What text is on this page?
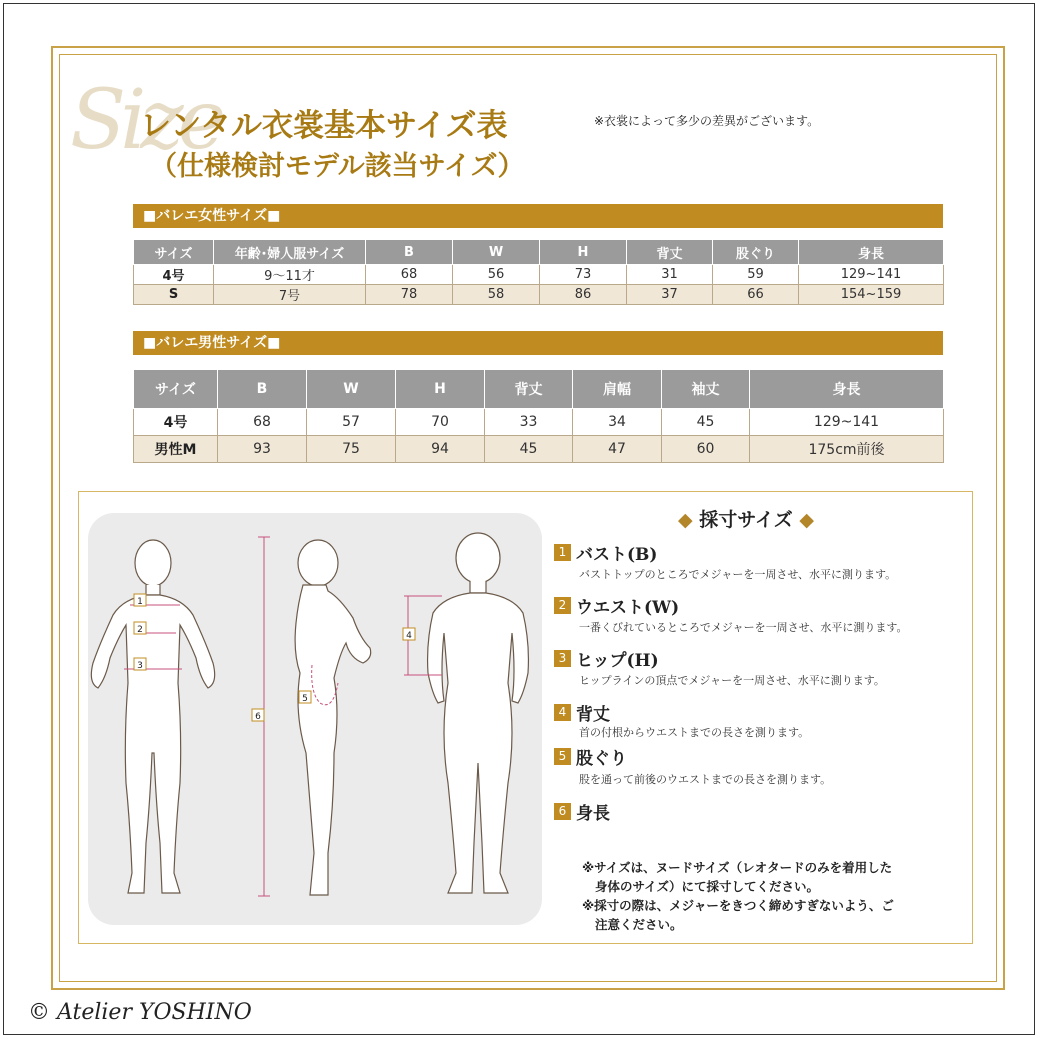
Size
レンタル衣裳基本サイズ表
（仕様検討モデル該当サイズ）
※衣裳によって多少の差異がございます。
■バレエ女性サイズ■
サイズ	年齢･婦人服サイズ	B	W	H	背丈	股ぐり	身長
4号	9〜11才	68	56	73	31	59	129~141
S	7号	78	58	86	37	66	154~159
■バレエ男性サイズ■
サイズ	B	W	H	背丈	肩幅	袖丈	身長
4号	68	57	70	33	34	45	129~141
男性M	93	75	94	45	47	60	175cm前後
1
2
3
4
5
6
◆ 採寸サイズ ◆
1 バスト(B)
バストトップのところでメジャーを一周させ、水平に測ります。
2 ウエスト(W)
一番くびれているところでメジャーを一周させ、水平に測ります。
3 ヒップ(H)
ヒップラインの頂点でメジャーを一周させ、水平に測ります。
4 背丈
首の付根からウエストまでの長さを測ります。
5 股ぐり
股を通って前後のウエストまでの長さを測ります。
6 身長
※サイズは、ヌードサイズ（レオタードのみを着用した
身体のサイズ）にて採寸してください。
※採寸の際は、メジャーをきつく締めすぎないよう、ご
注意ください。
© Atelier YOSHINO
